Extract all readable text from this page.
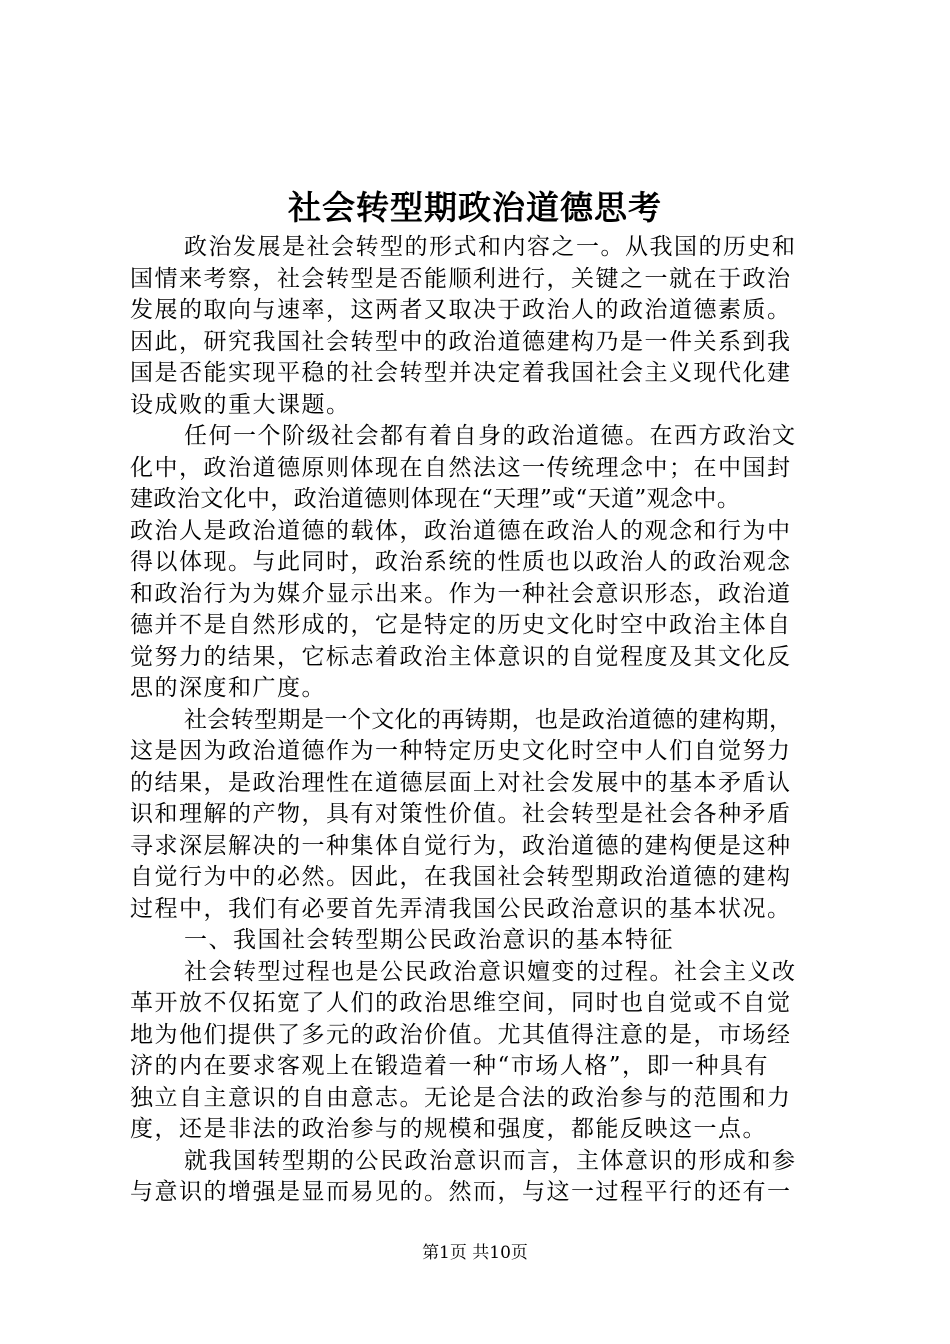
社会转型期政治道德思考
政治发展是社会转型的形式和内容之一。从我国的历史和
国情来考察，社会转型是否能顺利进行，关键之一就在于政治
发展的取向与速率，这两者又取决于政治人的政治道德素质。
因此，研究我国社会转型中的政治道德建构乃是一件关系到我
国是否能实现平稳的社会转型并决定着我国社会主义现代化建
设成败的重大课题。
任何一个阶级社会都有着自身的政治道德。在西方政治文
化中，政治道德原则体现在自然法这一传统理念中；在中国封
建政治文化中，政治道德则体现在“天理”或“天道”观念中。
政治人是政治道德的载体，政治道德在政治人的观念和行为中
得以体现。与此同时，政治系统的性质也以政治人的政治观念
和政治行为为媒介显示出来。作为一种社会意识形态，政治道
德并不是自然形成的，它是特定的历史文化时空中政治主体自
觉努力的结果，它标志着政治主体意识的自觉程度及其文化反
思的深度和广度。
社会转型期是一个文化的再铸期，也是政治道德的建构期，
这是因为政治道德作为一种特定历史文化时空中人们自觉努力
的结果，是政治理性在道德层面上对社会发展中的基本矛盾认
识和理解的产物，具有对策性价值。社会转型是社会各种矛盾
寻求深层解决的一种集体自觉行为，政治道德的建构便是这种
自觉行为中的必然。因此，在我国社会转型期政治道德的建构
过程中，我们有必要首先弄清我国公民政治意识的基本状况。
一、我国社会转型期公民政治意识的基本特征
社会转型过程也是公民政治意识嬗变的过程。社会主义改
革开放不仅拓宽了人们的政治思维空间，同时也自觉或不自觉
地为他们提供了多元的政治价值。尤其值得注意的是，市场经
济的内在要求客观上在锻造着一种“市场人格”，即一种具有
独立自主意识的自由意志。无论是合法的政治参与的范围和力
度，还是非法的政治参与的规模和强度，都能反映这一点。
就我国转型期的公民政治意识而言，主体意识的形成和参
与意识的增强是显而易见的。然而，与这一过程平行的还有一
第1页 共10页
